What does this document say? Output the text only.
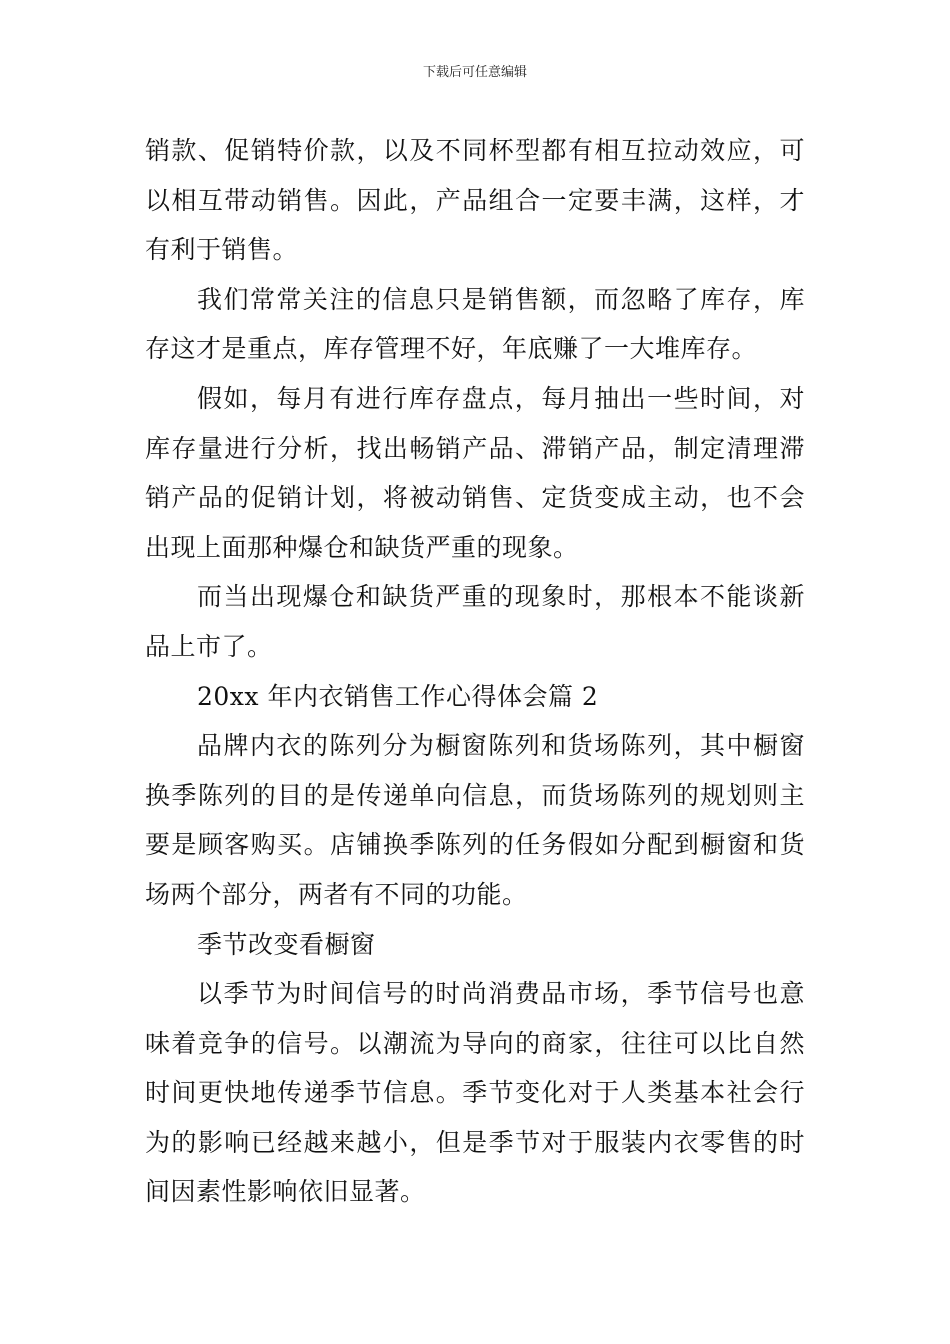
下载后可任意编辑

销款、促销特价款，以及不同杯型都有相互拉动效应，可以相互带动销售。因此，产品组合一定要丰满，这样，才有利于销售。

我们常常关注的信息只是销售额，而忽略了库存，库存这才是重点，库存管理不好，年底赚了一大堆库存。

假如，每月有进行库存盘点，每月抽出一些时间，对库存量进行分析，找出畅销产品、滞销产品，制定清理滞销产品的促销计划，将被动销售、定货变成主动，也不会出现上面那种爆仓和缺货严重的现象。

而当出现爆仓和缺货严重的现象时，那根本不能谈新品上市了。

20xx 年内衣销售工作心得体会篇 2

品牌内衣的陈列分为橱窗陈列和货场陈列，其中橱窗换季陈列的目的是传递单向信息，而货场陈列的规划则主要是顾客购买。店铺换季陈列的任务假如分配到橱窗和货场两个部分，两者有不同的功能。

季节改变看橱窗

以季节为时间信号的时尚消费品市场，季节信号也意味着竞争的信号。以潮流为导向的商家，往往可以比自然时间更快地传递季节信息。季节变化对于人类基本社会行为的影响已经越来越小，但是季节对于服装内衣零售的时间因素性影响依旧显著。
